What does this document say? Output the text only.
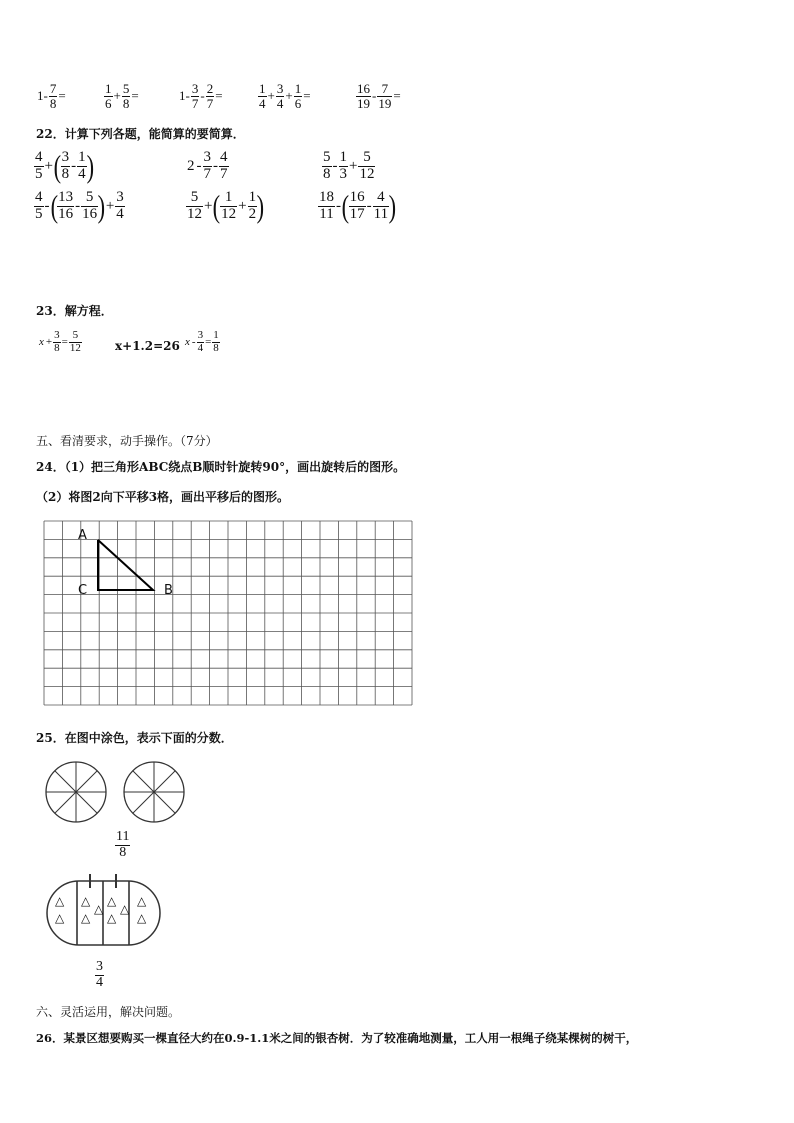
$1- \frac{7}{8}$ =	$\frac{1}{6} + \frac{5}{8}$ =	$1- \frac{3}{7} - \frac{2}{7}$ =	$\frac{1}{4} + \frac{3}{4} + \frac{1}{6}$ =	$\frac{16}{19} - \frac{7}{19}$ =
22．计算下列各题，能简算的要简算．
$\frac{4}{5}$ +( $\frac{3}{8} - \frac{1}{4}$ )	$2 - \frac{3}{7} - \frac{4}{7}$	$\frac{5}{8} - \frac{1}{3} + \frac{5}{12}$
$\frac{4}{5}$ -( $\frac{13}{16} - \frac{5}{16}$ )+ $\frac{3}{4}$	$\frac{5}{12}$ +( $\frac{1}{12} + \frac{1}{2}$ )	$\frac{18}{11}$ -( $\frac{16}{17} - \frac{4}{11}$ )
23．解方程．
$x + \frac{3}{8} = \frac{5}{12}$	x+1.2=26 $x - \frac{3}{4} = \frac{1}{8}$
五、看清要求，动手操作。（7分）
24．（1）把三角形ABC绕点B顺时针旋转90°，画出旋转后的图形。
（2）将图2向下平移3格，画出平移后的图形。
A
C	B
25．在图中涂色，表示下面的分数．
$\frac{11}{8}$
△
△
△
△
△
△
△
△
△
△
$\frac{3}{4}$
六、灵活运用，解决问题。
26．某景区想要购买一棵直径大约在0.9-1.1米之间的银杏树．为了较准确地测量，工人用一根绳子绕某棵树的树干，
